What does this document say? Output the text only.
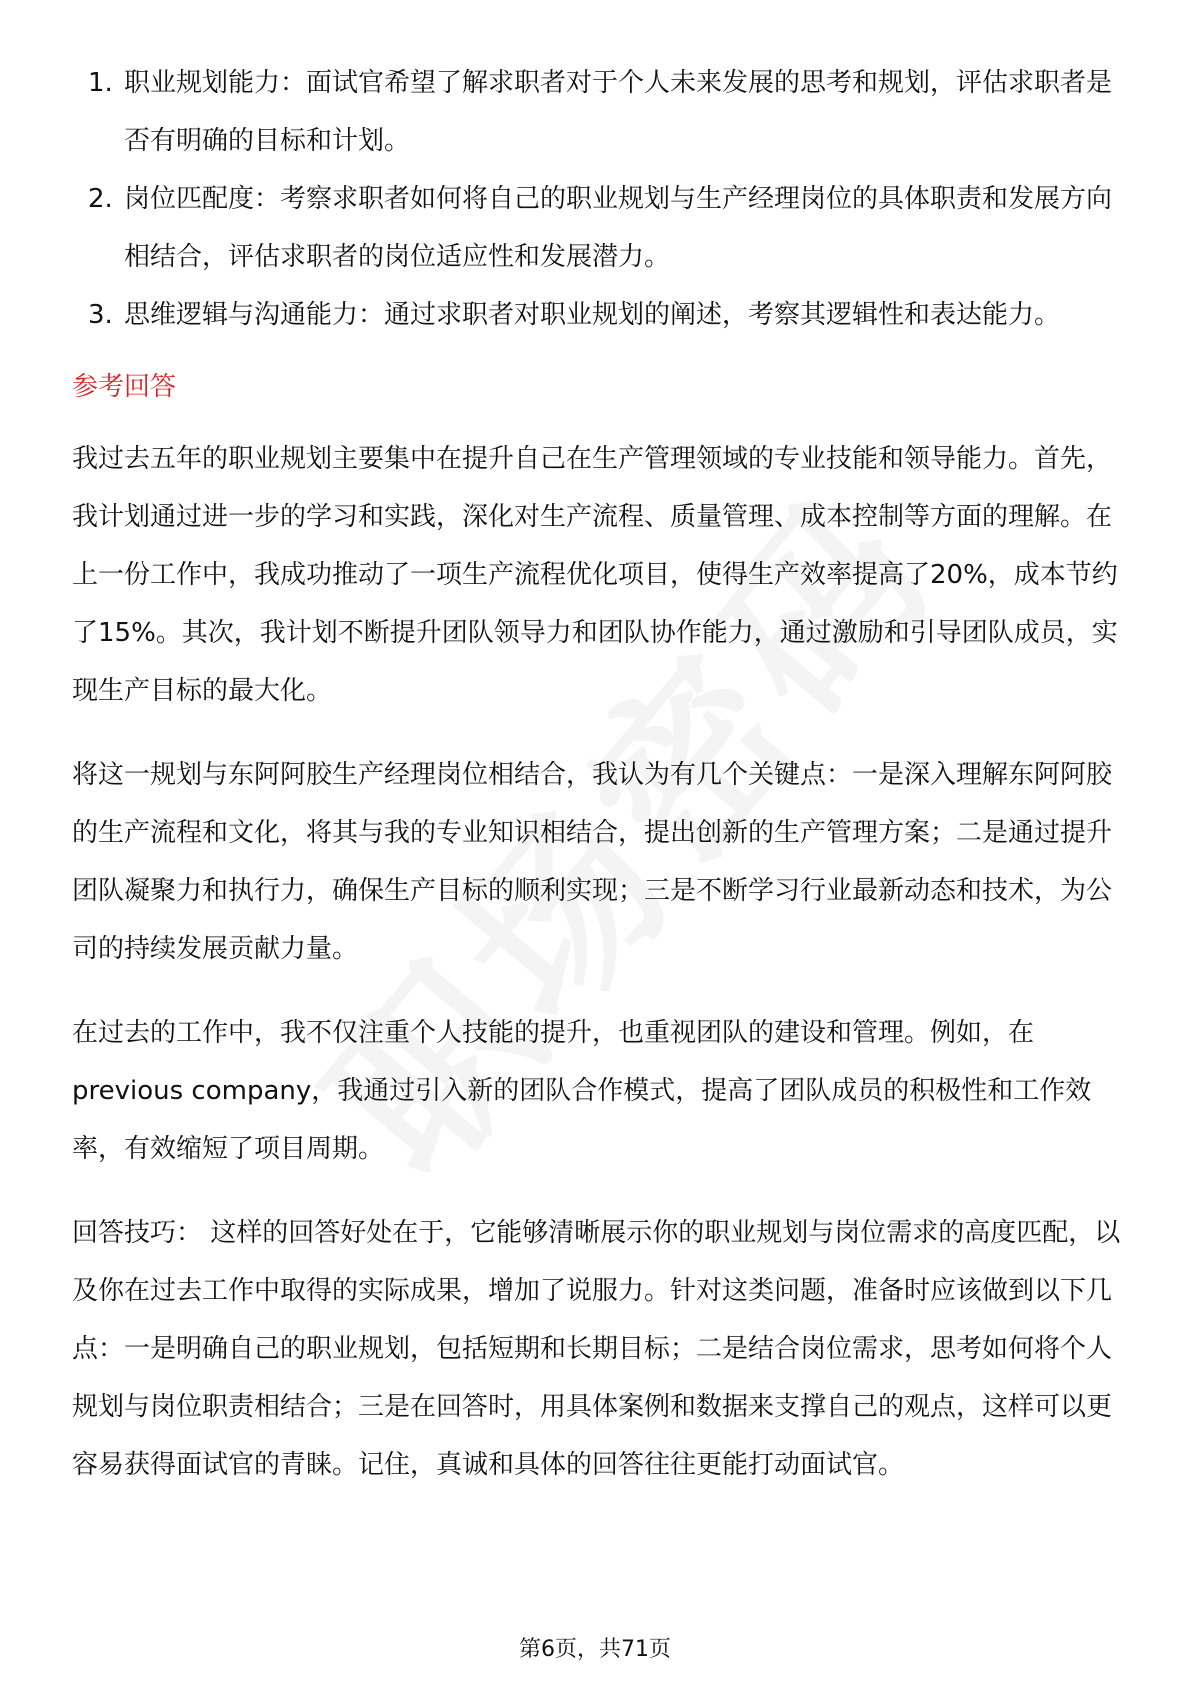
1. 职业规划能力：面试官希望了解求职者对于个人未来发展的思考和规划，评估求职者是否有明确的目标和计划。
2. 岗位匹配度：考察求职者如何将自己的职业规划与生产经理岗位的具体职责和发展方向相结合，评估求职者的岗位适应性和发展潜力。
3. 思维逻辑与沟通能力：通过求职者对职业规划的阐述，考察其逻辑性和表达能力。
参考回答

我过去五年的职业规划主要集中在提升自己在生产管理领域的专业技能和领导能力。首先，我计划通过进一步的学习和实践，深化对生产流程、质量管理、成本控制等方面的理解。在上一份工作中，我成功推动了一项生产流程优化项目，使得生产效率提高了20%，成本节约了15%。其次，我计划不断提升团队领导力和团队协作能力，通过激励和引导团队成员，实现生产目标的最大化。

将这一规划与东阿阿胶生产经理岗位相结合，我认为有几个关键点：一是深入理解东阿阿胶的生产流程和文化，将其与我的专业知识相结合，提出创新的生产管理方案；二是通过提升团队凝聚力和执行力，确保生产目标的顺利实现；三是不断学习行业最新动态和技术，为公司的持续发展贡献力量。

在过去的工作中，我不仅注重个人技能的提升，也重视团队的建设和管理。例如，在 previous company，我通过引入新的团队合作模式，提高了团队成员的积极性和工作效率，有效缩短了项目周期。

回答技巧： 这样的回答好处在于，它能够清晰展示你的职业规划与岗位需求的高度匹配，以及你在过去工作中取得的实际成果，增加了说服力。针对这类问题，准备时应该做到以下几点：一是明确自己的职业规划，包括短期和长期目标；二是结合岗位需求，思考如何将个人规划与岗位职责相结合；三是在回答时，用具体案例和数据来支撑自己的观点，这样可以更容易获得面试官的青睐。记住，真诚和具体的回答往往更能打动面试官。

第6页，共71页
